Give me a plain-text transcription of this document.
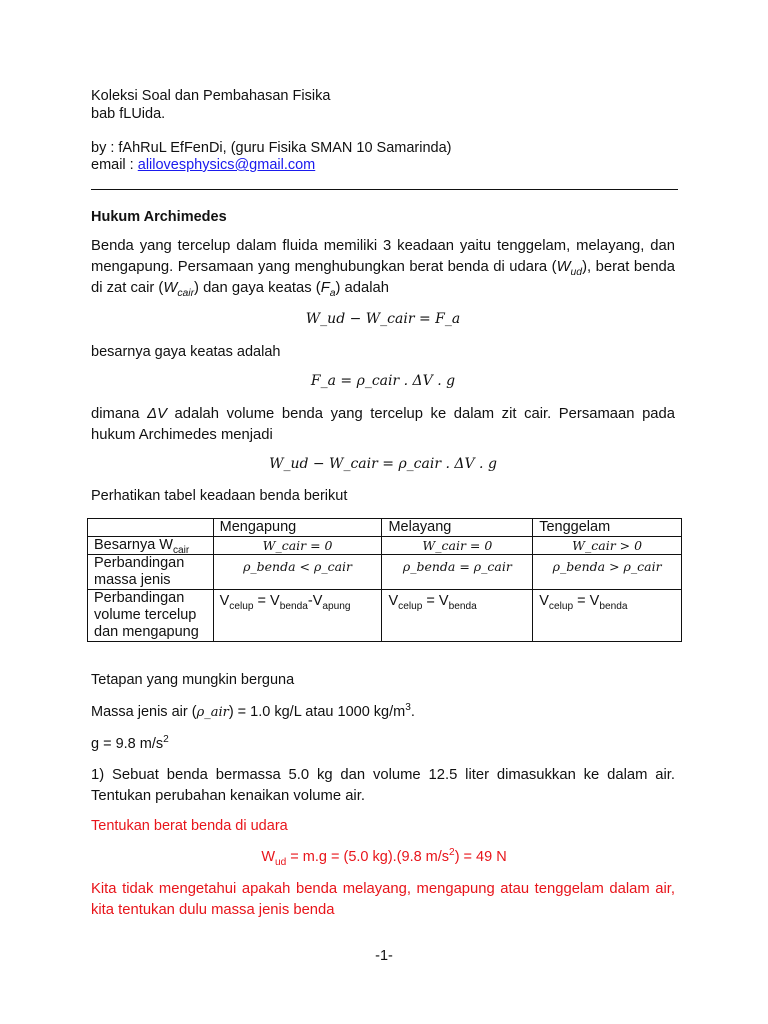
Koleksi Soal dan Pembahasan Fisika
bab fLUida.
by : fAhRuL EfFenDi, (guru Fisika SMAN 10 Samarinda)
email : alilovesphysics@gmail.com
Hukum Archimedes
Benda yang tercelup dalam fluida memiliki 3 keadaan yaitu tenggelam, melayang, dan mengapung. Persamaan yang menghubungkan berat benda di udara $(W_{ud})$, berat benda di zat cair $(W_{cair})$ dan gaya keatas $(F_a)$ adalah
W_ud − W_cair = F_a
besarnya gaya keatas adalah
F_a = ρ_cair . ΔV . g
dimana ΔV adalah volume benda yang tercelup ke dalam zit cair. Persamaan pada hukum Archimedes menjadi
W_ud − W_cair = ρ_cair . ΔV . g
Perhatikan tabel keadaan benda berikut
	Mengapung	Melayang	Tenggelam
Besarnya $W_{cair}$	W_cair = 0	W_cair = 0	W_cair > 0

Perbandingan massa jenis	ρ_benda < ρ_cair	ρ_benda = ρ_cair	ρ_benda > ρ_cair

Perbandingan volume tercelup dan mengapung	$V_{celup} = V_{benda}-V_{apung}$	$V_{celup} = V_{benda}$	$V_{celup} = V_{benda}$
Tetapan yang mungkin berguna
Massa jenis air (ρ_air) = 1.0 kg/L atau 1000 $kg/m^3$.
g = 9.8 $m/s^2$
1) Sebuat benda bermassa 5.0 kg dan volume 12.5 liter dimasukkan ke dalam air. Tentukan perubahan kenaikan volume air.
Tentukan berat benda di udara
$W_{ud} = m.g = (5.0$ kg).(9.8 $m/s^2) = 49$ N
Kita tidak mengetahui apakah benda melayang, mengapung atau tenggelam dalam air, kita tentukan dulu massa jenis benda
-1-
